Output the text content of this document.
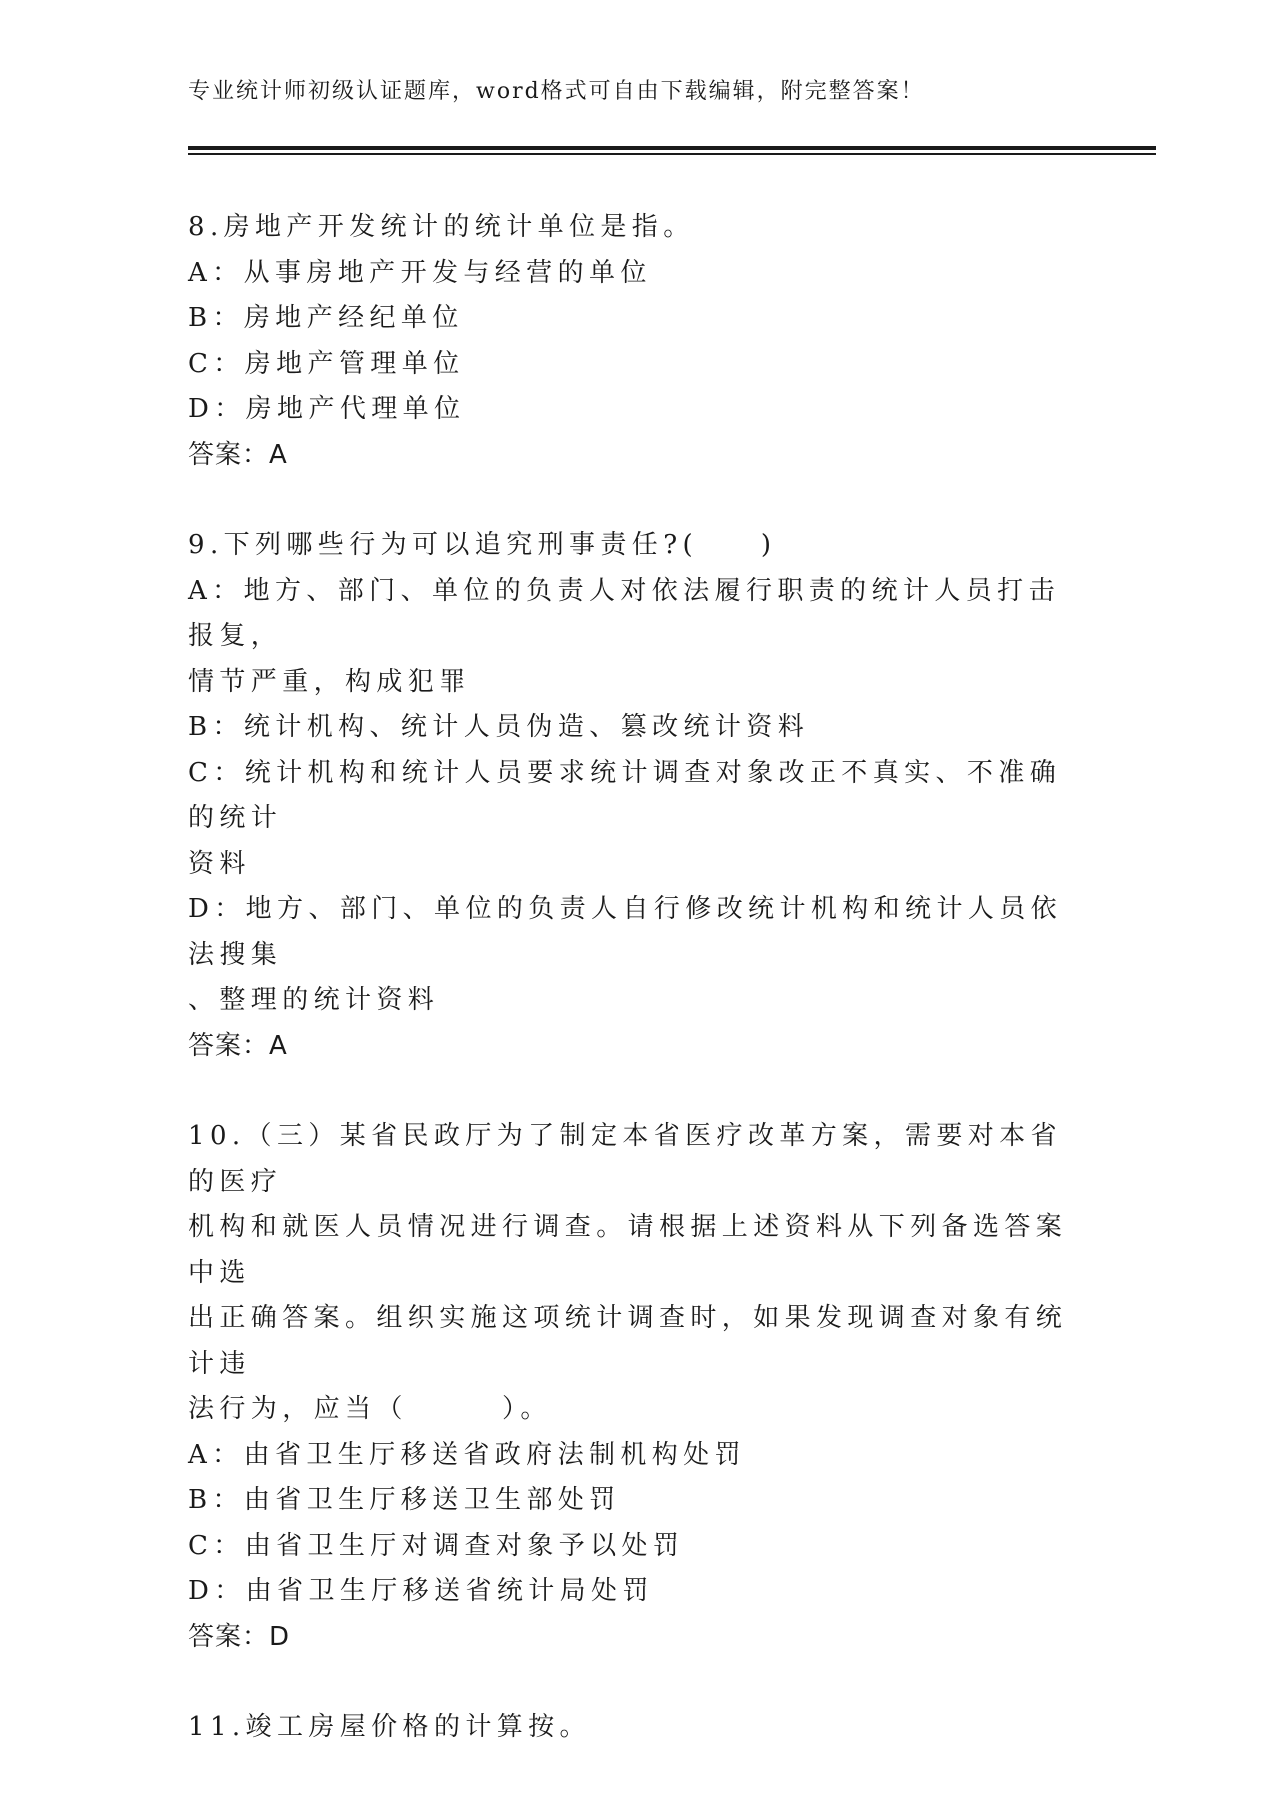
专业统计师初级认证题库，word格式可自由下载编辑，附完整答案！

8.房地产开发统计的统计单位是指。

A：从事房地产开发与经营的单位

B：房地产经纪单位

C：房地产管理单位

D：房地产代理单位

答案：A

9.下列哪些行为可以追究刑事责任?(　　)

A：地方、部门、单位的负责人对依法履行职责的统计人员打击报复，

情节严重，构成犯罪

B：统计机构、统计人员伪造、篡改统计资料

C：统计机构和统计人员要求统计调查对象改正不真实、不准确的统计

资料

D：地方、部门、单位的负责人自行修改统计机构和统计人员依法搜集

、整理的统计资料

答案：A

10.（三）某省民政厅为了制定本省医疗改革方案，需要对本省的医疗

机构和就医人员情况进行调查。请根据上述资料从下列备选答案中选

出正确答案。组织实施这项统计调查时，如果发现调查对象有统计违

法行为，应当（　　　）。

A：由省卫生厅移送省政府法制机构处罚

B：由省卫生厅移送卫生部处罚

C：由省卫生厅对调查对象予以处罚

D：由省卫生厅移送省统计局处罚

答案：D

11.竣工房屋价格的计算按。
